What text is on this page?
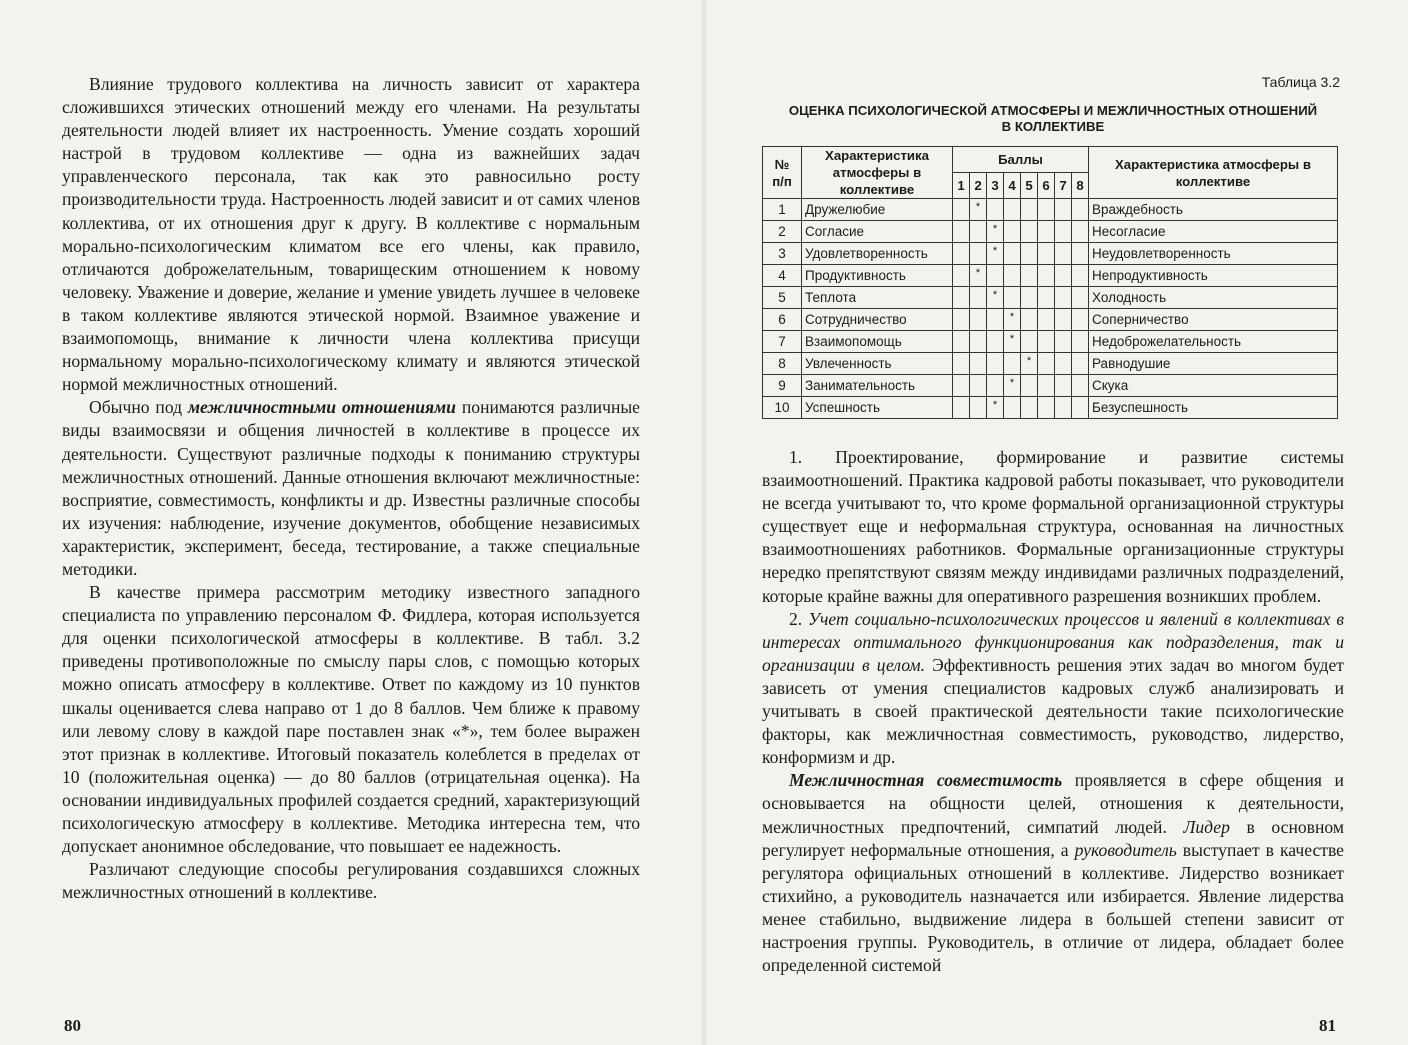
Влияние трудового коллектива на личность зависит от характера сложившихся этических отношений между его членами. На результаты деятельности людей влияет их настроенность. Умение создать хороший настрой в трудовом коллективе — одна из важнейших задач управленческого персонала, так как это равносильно росту производительности труда. Настроенность людей зависит и от самих членов коллектива, от их отношения друг к другу. В коллективе с нормальным морально-психологическим климатом все его члены, как правило, отличаются доброжелательным, товарищеским отношением к новому человеку. Уважение и доверие, желание и умение увидеть лучшее в человеке в таком коллективе являются этической нормой. Взаимное уважение и взаимопомощь, внимание к личности члена коллектива присущи нормальному морально-психологическому климату и являются этической нормой межличностных отношений.

Обычно под межличностными отношениями понимаются различные виды взаимосвязи и общения личностей в коллективе в процессе их деятельности. Существуют различные подходы к пониманию структуры межличностных отношений. Данные отношения включают межличностные: восприятие, совместимость, конфликты и др. Известны различные способы их изучения: наблюдение, изучение документов, обобщение независимых характеристик, эксперимент, беседа, тестирование, а также специальные методики.

В качестве примера рассмотрим методику известного западного специалиста по управлению персоналом Ф. Фидлера, которая используется для оценки психологической атмосферы в коллективе. В табл. 3.2 приведены противоположные по смыслу пары слов, с помощью которых можно описать атмосферу в коллективе. Ответ по каждому из 10 пунктов шкалы оценивается слева направо от 1 до 8 баллов. Чем ближе к правому или левому слову в каждой паре поставлен знак «*», тем более выражен этот признак в коллективе. Итоговый показатель колеблется в пределах от 10 (положительная оценка) — до 80 баллов (отрицательная оценка). На основании индивидуальных профилей создается средний, характеризующий психологическую атмосферу в коллективе. Методика интересна тем, что допускает анонимное обследование, что повышает ее надежность.

Различают следующие способы регулирования создавшихся сложных межличностных отношений в коллективе.

80
Таблица 3.2
ОЦЕНКА ПСИХОЛОГИЧЕСКОЙ АТМОСФЕРЫ И МЕЖЛИЧНОСТНЫХ ОТНОШЕНИЙ
В КОЛЛЕКТИВЕ
№
п/п	Характеристика атмосферы в коллективе	Баллы								Характеристика атмосферы в коллективе
		1	2	3	4	5	6	7	8	
1	Дружелюбие		*							Враждебность
2	Согласие			*						Несогласие
3	Удовлетворенность			*						Неудовлетворенность
4	Продуктивность		*							Непродуктивность
5	Теплота			*						Холодность
6	Сотрудничество				*					Соперничество
7	Взаимопомощь				*					Недоброжелательность
8	Увлеченность					*				Равнодушие
9	Занимательность				*					Скука
10	Успешность			*						Безуспешность

1. Проектирование, формирование и развитие системы взаимоотношений. Практика кадровой работы показывает, что руководители не всегда учитывают то, что кроме формальной организационной структуры существует еще и неформальная структура, основанная на личностных взаимоотношениях работников. Формальные организационные структуры нередко препятствуют связям между индивидами различных подразделений, которые крайне важны для оперативного разрешения возникших проблем.

2. Учет социально-психологических процессов и явлений в коллективах в интересах оптимального функционирования как подразделения, так и организации в целом. Эффективность решения этих задач во многом будет зависеть от умения специалистов кадровых служб анализировать и учитывать в своей практической деятельности такие психологические факторы, как межличностная совместимость, руководство, лидерство, конформизм и др.

Межличностная совместимость проявляется в сфере общения и основывается на общности целей, отношения к деятельности, межличностных предпочтений, симпатий людей. Лидер в основном регулирует неформальные отношения, а руководитель выступает в качестве регулятора официальных отношений в коллективе. Лидерство возникает стихийно, а руководитель назначается или избирается. Явление лидерства менее стабильно, выдвижение лидера в большей степени зависит от настроения группы. Руководитель, в отличие от лидера, обладает более определенной системой

81
